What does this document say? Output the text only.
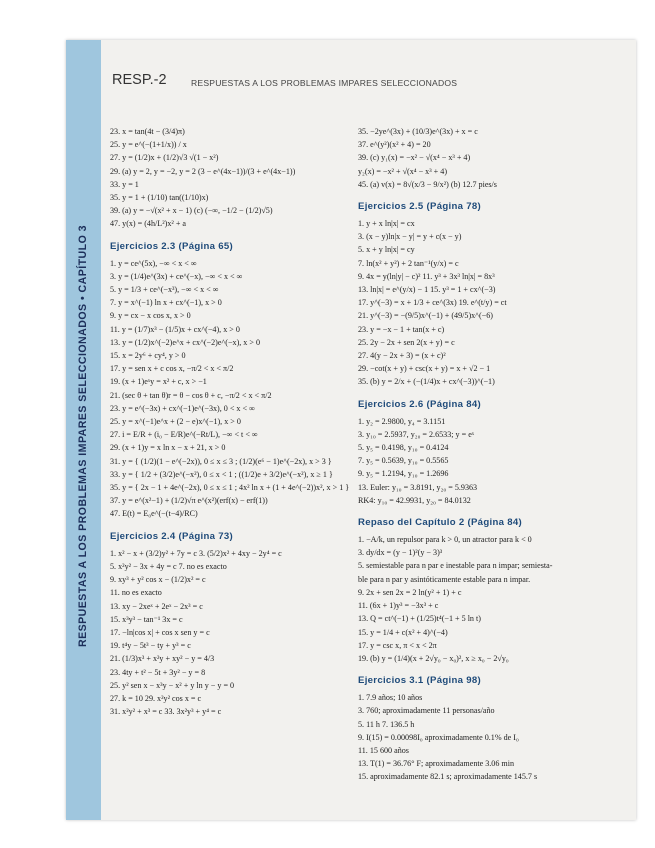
RESPUESTAS A LOS PROBLEMAS IMPARES SELECCIONADOS • CAPÍTULO 3
RESP.-2	RESPUESTAS A LOS PROBLEMAS IMPARES SELECCIONADOS
23. x = tan(4t − (3/4)π)
25. y = e^(−(1+1/x)) / x
27. y = (1/2)x + (1/2)√3 √(1 − x²)
29. (a) y = 2, y = −2, y = 2 (3 − e^(4x−1))/(3 + e^(4x−1))
33. y = 1
35. y = 1 + (1/10) tan((1/10)x)
39. (a) y = −√(x² + x − 1) (c) (−∞, −1/2 − (1/2)√5)
47. y(x) = (4h/L²)x² + a
Ejercicios 2.3 (Página 65)
1. y = ce^(5x), −∞ < x < ∞
3. y = (1/4)e^(3x) + ce^(−x), −∞ < x < ∞
5. y = 1/3 + ce^(−x³), −∞ < x < ∞
7. y = x^(−1) ln x + cx^(−1), x > 0
9. y = cx − x cos x, x > 0
11. y = (1/7)x³ − (1/5)x + cx^(−4), x > 0
13. y = (1/2)x^(−2)e^x + cx^(−2)e^(−x), x > 0
15. x = 2y⁶ + cy⁴, y > 0
17. y = sen x + c cos x, −π/2 < x < π/2
19. (x + 1)eˣy = x² + c, x > −1
21. (sec θ + tan θ)r = θ − cos θ + c, −π/2 < x < π/2
23. y = e^(−3x) + cx^(−1)e^(−3x), 0 < x < ∞
25. y = x^(−1)e^x + (2 − e)x^(−1), x > 0
27. i = E/R + (i₀ − E/R)e^(−Rt/L), −∞ < t < ∞
29. (x + 1)y = x ln x − x + 21, x > 0
31. y = { (1/2)(1 − e^(−2x)), 0 ≤ x ≤ 3 ; (1/2)(e⁶ − 1)e^(−2x), x > 3 }
33. y = { 1/2 + (3/2)e^(−x²), 0 ≤ x < 1 ; ((1/2)e + 3/2)e^(−x²), x ≥ 1 }
35. y = { 2x − 1 + 4e^(−2x), 0 ≤ x ≤ 1 ; 4x² ln x + (1 + 4e^(−2))x², x > 1 }
37. y = e^(x²−1) + (1/2)√π e^(x²)(erf(x) − erf(1))
47. E(t) = E₀e^(−(t−4)/RC)
Ejercicios 2.4 (Página 73)
1. x² − x + (3/2)y² + 7y = c 3. (5/2)x² + 4xy − 2y⁴ = c
5. x²y² − 3x + 4y = c 7. no es exacto
9. xy³ + y² cos x − (1/2)x² = c
11. no es exacto
13. xy − 2xeˣ + 2eˣ − 2x³ = c
15. x³y³ − tan⁻¹ 3x = c
17. −ln|cos x| + cos x sen y = c
19. t⁴y − 5t³ − ty + y³ = c
21. (1/3)x³ + x²y + xy² − y = 4/3
23. 4ty + t² − 5t + 3y² − y = 8
25. y² sen x − x³y − x² + y ln y − y = 0
27. k = 10 29. x²y² cos x = c
31. x²y² + x³ = c 33. 3x²y³ + y⁴ = c
35. −2ye^(3x) + (10/3)e^(3x) + x = c
37. e^(y²)(x² + 4) = 20
39. (c) y₁(x) = −x² − √(x⁴ − x³ + 4)
y₂(x) = −x² + √(x⁴ − x³ + 4)
45. (a) v(x) = 8√(x/3 − 9/x²) (b) 12.7 pies/s
Ejercicios 2.5 (Página 78)
1. y + x ln|x| = cx
3. (x − y)ln|x − y| = y + c(x − y)
5. x + y ln|x| = cy
7. ln(x² + y²) + 2 tan⁻¹(y/x) = c
9. 4x = y(ln|y| − c)² 11. y³ + 3x³ ln|x| = 8x³
13. ln|x| = e^(y/x) − 1 15. y³ = 1 + cx^(−3)
17. y^(−3) = x + 1/3 + ce^(3x) 19. e^(t/y) = ct
21. y^(−3) = −(9/5)x^(−1) + (49/5)x^(−6)
23. y = −x − 1 + tan(x + c)
25. 2y − 2x + sen 2(x + y) = c
27. 4(y − 2x + 3) = (x + c)²
29. −cot(x + y) + csc(x + y) = x + √2 − 1
35. (b) y = 2/x + (−(1/4)x + cx^(−3))^(−1)
Ejercicios 2.6 (Página 84)
1. y₂ = 2.9800, y₄ = 3.1151
3. y₁₀ = 2.5937, y₂₀ = 2.6533; y = eˣ
5. y₅ = 0.4198, y₁₀ = 0.4124
7. y₅ = 0.5639, y₁₀ = 0.5565
9. y₅ = 1.2194, y₁₀ = 1.2696
13. Euler: y₁₀ = 3.8191, y₂₀ = 5.9363
RK4: y₁₀ = 42.9931, y₂₀ = 84.0132
Repaso del Capítulo 2 (Página 84)
1. −A/k, un repulsor para k > 0, un atractor para k < 0
3. dy/dx = (y − 1)²(y − 3)³
5. semiestable para n par e inestable para n impar; semiesta-
ble para n par y asintóticamente estable para n impar.
9. 2x + sen 2x = 2 ln(y² + 1) + c
11. (6x + 1)y³ = −3x³ + c
13. Q = ct^(−1) + (1/25)t⁴(−1 + 5 ln t)
15. y = 1/4 + c(x² + 4)^(−4)
17. y = csc x, π < x < 2π
19. (b) y = (1/4)(x + 2√y₀ − x₀)², x ≥ x₀ − 2√y₀
Ejercicios 3.1 (Página 98)
1. 7.9 años; 10 años
3. 760; aproximadamente 11 personas/año
5. 11 h 7. 136.5 h
9. I(15) = 0.00098I₀ aproximadamente 0.1% de I₀
11. 15 600 años
13. T(1) = 36.76° F; aproximadamente 3.06 min
15. aproximadamente 82.1 s; aproximadamente 145.7 s
